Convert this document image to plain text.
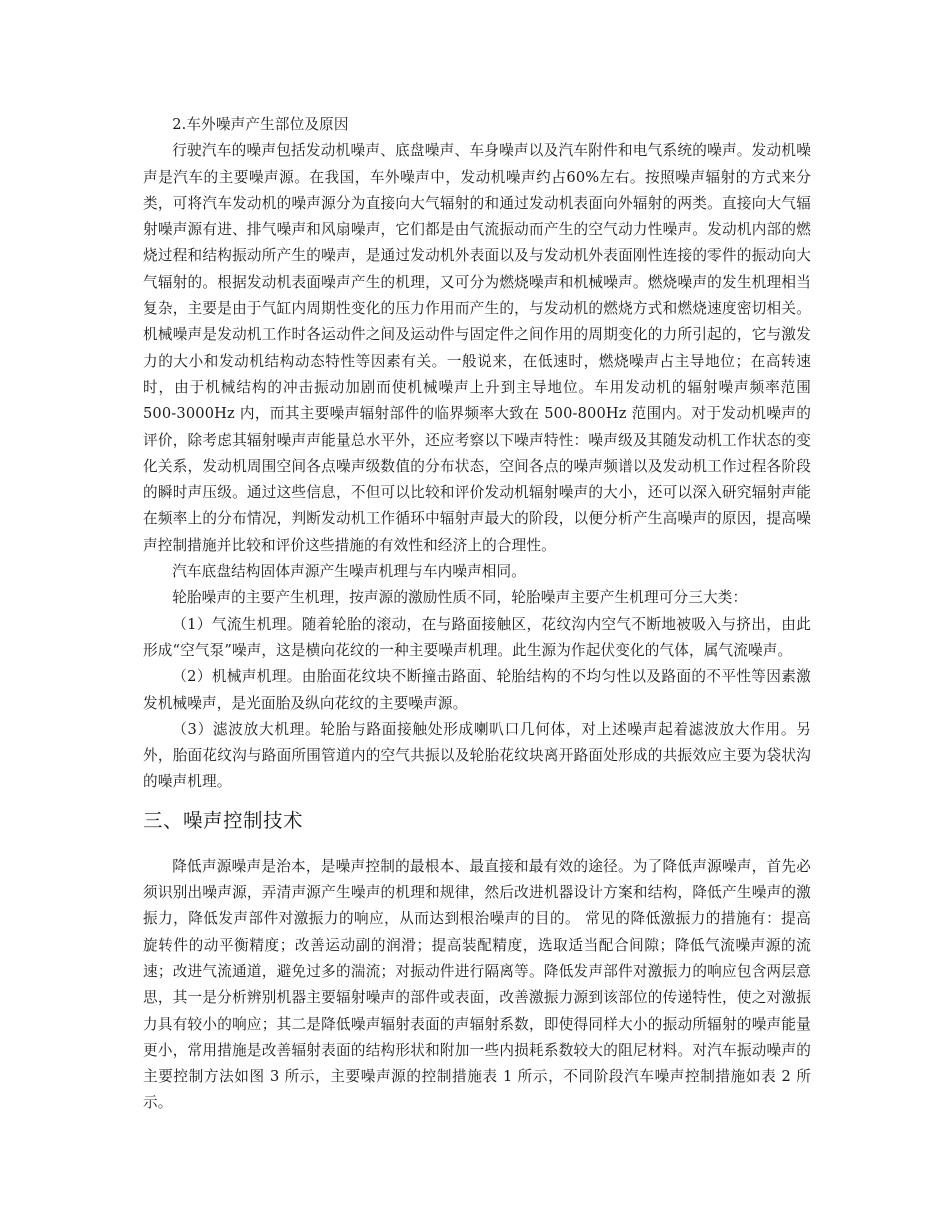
2.车外噪声产生部位及原因

行驶汽车的噪声包括发动机噪声、底盘噪声、车身噪声以及汽车附件和电气系统的噪声。发动机噪声是汽车的主要噪声源。在我国，车外噪声中，发动机噪声约占60%左右。按照噪声辐射的方式来分类，可将汽车发动机的噪声源分为直接向大气辐射的和通过发动机表面向外辐射的两类。直接向大气辐射噪声源有进、排气噪声和风扇噪声，它们都是由气流振动而产生的空气动力性噪声。发动机内部的燃烧过程和结构振动所产生的噪声，是通过发动机外表面以及与发动机外表面刚性连接的零件的振动向大气辐射的。根据发动机表面噪声产生的机理，又可分为燃烧噪声和机械噪声。燃烧噪声的发生机理相当复杂，主要是由于气缸内周期性变化的压力作用而产生的，与发动机的燃烧方式和燃烧速度密切相关。机械噪声是发动机工作时各运动件之间及运动件与固定件之间作用的周期变化的力所引起的，它与激发力的大小和发动机结构动态特性等因素有关。一般说来，在低速时，燃烧噪声占主导地位；在高转速时，由于机械结构的冲击振动加剧而使机械噪声上升到主导地位。车用发动机的辐射噪声频率范围 500-3000Hz 内，而其主要噪声辐射部件的临界频率大致在 500-800Hz 范围内。对于发动机噪声的评价，除考虑其辐射噪声声能量总水平外，还应考察以下噪声特性：噪声级及其随发动机工作状态的变化关系，发动机周围空间各点噪声级数值的分布状态，空间各点的噪声频谱以及发动机工作过程各阶段的瞬时声压级。通过这些信息，不但可以比较和评价发动机辐射噪声的大小，还可以深入研究辐射声能在频率上的分布情况，判断发动机工作循环中辐射声最大的阶段，以便分析产生高噪声的原因，提高噪声控制措施并比较和评价这些措施的有效性和经济上的合理性。

汽车底盘结构固体声源产生噪声机理与车内噪声相同。

轮胎噪声的主要产生机理，按声源的激励性质不同，轮胎噪声主要产生机理可分三大类：

（1）气流生机理。随着轮胎的滚动，在与路面接触区，花纹沟内空气不断地被吸入与挤出，由此形成“空气泵”噪声，这是横向花纹的一种主要噪声机理。此生源为作起伏变化的气体，属气流噪声。

（2）机械声机理。由胎面花纹块不断撞击路面、轮胎结构的不均匀性以及路面的不平性等因素激发机械噪声，是光面胎及纵向花纹的主要噪声源。

（3）滤波放大机理。轮胎与路面接触处形成喇叭口几何体，对上述噪声起着滤波放大作用。另外，胎面花纹沟与路面所围管道内的空气共振以及轮胎花纹块离开路面处形成的共振效应主要为袋状沟的噪声机理。

三、噪声控制技术

降低声源噪声是治本，是噪声控制的最根本、最直接和最有效的途径。为了降低声源噪声，首先必须识别出噪声源，弄清声源产生噪声的机理和规律，然后改进机器设计方案和结构，降低产生噪声的激振力，降低发声部件对激振力的响应，从而达到根治噪声的目的。 常见的降低激振力的措施有：提高旋转件的动平衡精度；改善运动副的润滑；提高装配精度，选取适当配合间隙；降低气流噪声源的流速；改进气流通道，避免过多的湍流；对振动件进行隔离等。降低发声部件对激振力的响应包含两层意思，其一是分析辨别机器主要辐射噪声的部件或表面，改善激振力源到该部位的传递特性，使之对激振力具有较小的响应；其二是降低噪声辐射表面的声辐射系数，即使得同样大小的振动所辐射的噪声能量更小，常用措施是改善辐射表面的结构形状和附加一些内损耗系数较大的阻尼材料。对汽车振动噪声的主要控制方法如图 3 所示，主要噪声源的控制措施表 1 所示，不同阶段汽车噪声控制措施如表 2 所示。
